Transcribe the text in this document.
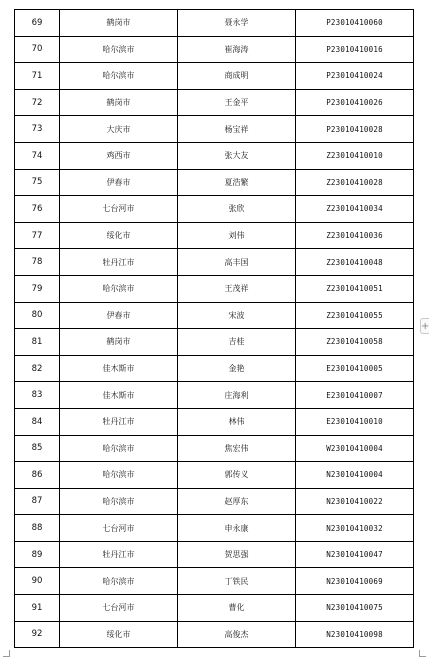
69	鹤岗市	聂永学	P23010410060
70	哈尔滨市	崔海涛	P23010410016
71	哈尔滨市	商成明	P23010410024
72	鹤岗市	王金平	P23010410026
73	大庆市	杨宝祥	P23010410028
74	鸡西市	张大友	Z23010410010
75	伊春市	夏浩繁	Z23010410028
76	七台河市	张欣	Z23010410034
77	绥化市	刘伟	Z23010410036
78	牡丹江市	高丰国	Z23010410048
79	哈尔滨市	王茂祥	Z23010410051
80	伊春市	宋波	Z23010410055
81	鹤岗市	吉桂	Z23010410058
82	佳木斯市	金艳	E23010410005
83	佳木斯市	庄海利	E23010410007
84	牡丹江市	林伟	E23010410010
85	哈尔滨市	焦宏伟	W23010410004
86	哈尔滨市	郭传义	N23010410004
87	哈尔滨市	赵厚东	N23010410022
88	七台河市	申永康	N23010410032
89	牡丹江市	贺思强	N23010410047
90	哈尔滨市	丁铁民	N23010410069
91	七台河市	曹化	N23010410075
92	绥化市	高俊杰	N23010410098
+
